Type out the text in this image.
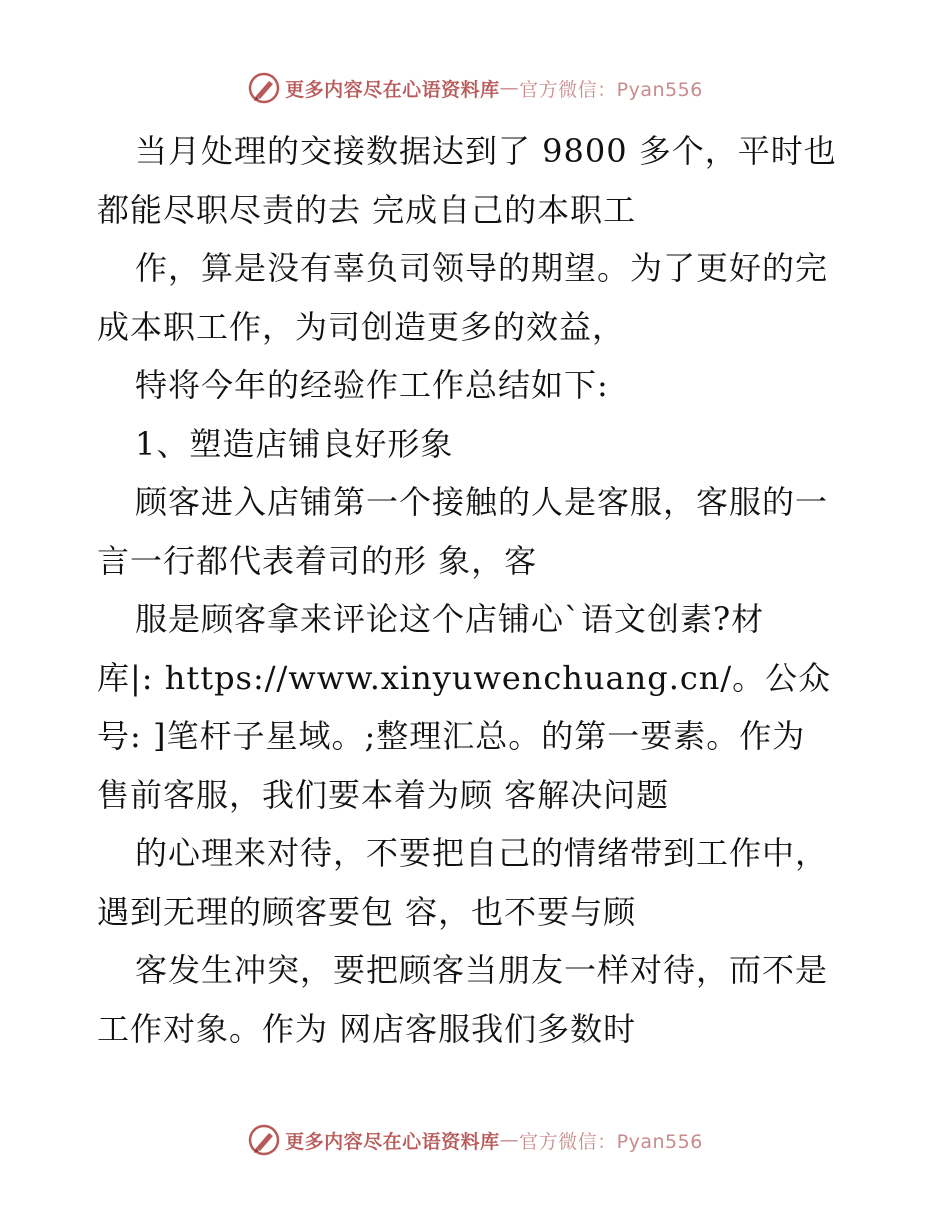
更多内容尽在心语资料库 — 官方微信：Pyan556
当月处理的交接数据达到了 9800 多个，平时也
都能尽职尽责的去 完成自己的本职工
作，算是没有辜负司领导的期望。为了更好的完
成本职工作，为司创造更多的效益，
特将今年的经验作工作总结如下:
1、塑造店铺良好形象
顾客进入店铺第一个接触的人是客服，客服的一
言一行都代表着司的形 象，客
服是顾客拿来评论这个店铺心`语文创素?材
库|: https://www.xinyuwenchuang.cn/。公众
号: ]笔杆子星域。;整理汇总。的第一要素。作为
售前客服，我们要本着为顾 客解决问题
的心理来对待，不要把自己的情绪带到工作中，
遇到无理的顾客要包 容，也不要与顾
客发生冲突，要把顾客当朋友一样对待，而不是
工作对象。作为 网店客服我们多数时
更多内容尽在心语资料库 — 官方微信：Pyan556
